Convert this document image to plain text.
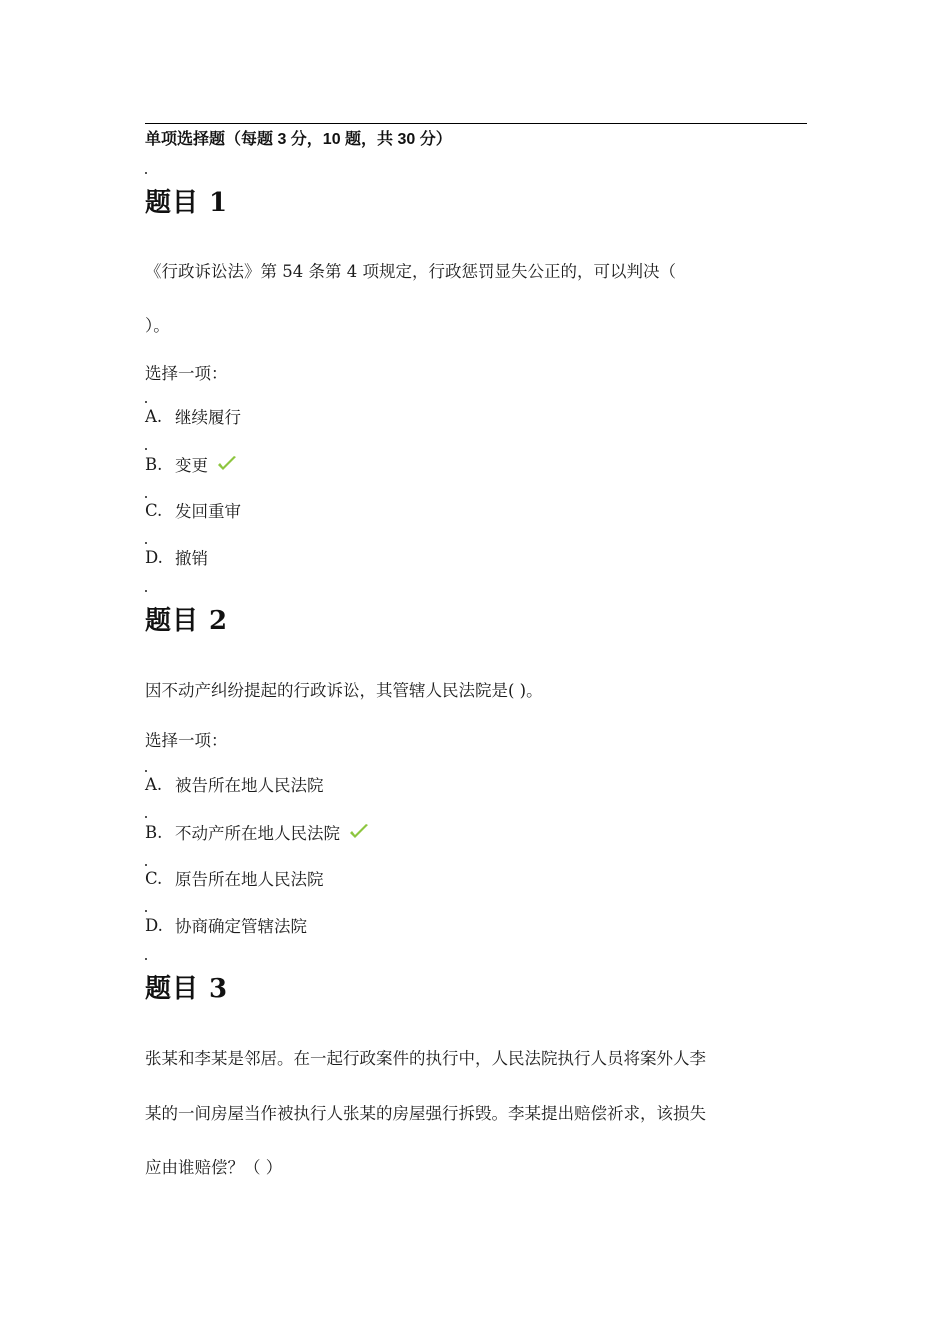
单项选择题（每题 3 分，10 题，共 30 分）
题目 1
《行政诉讼法》第 54 条第 4 项规定，行政惩罚显失公正的，可以判决（
）。
选择一项：
A. 继续履行
B. 变更
C. 发回重审
D. 撤销
题目 2
因不动产纠纷提起的行政诉讼，其管辖人民法院是( )。
选择一项：
A. 被告所在地人民法院
B. 不动产所在地人民法院
C. 原告所在地人民法院
D. 协商确定管辖法院
题目 3
张某和李某是邻居。在一起行政案件的执行中，人民法院执行人员将案外人李
某的一间房屋当作被执行人张某的房屋强行拆毁。李某提出赔偿祈求，该损失
应由谁赔偿？（ ）
